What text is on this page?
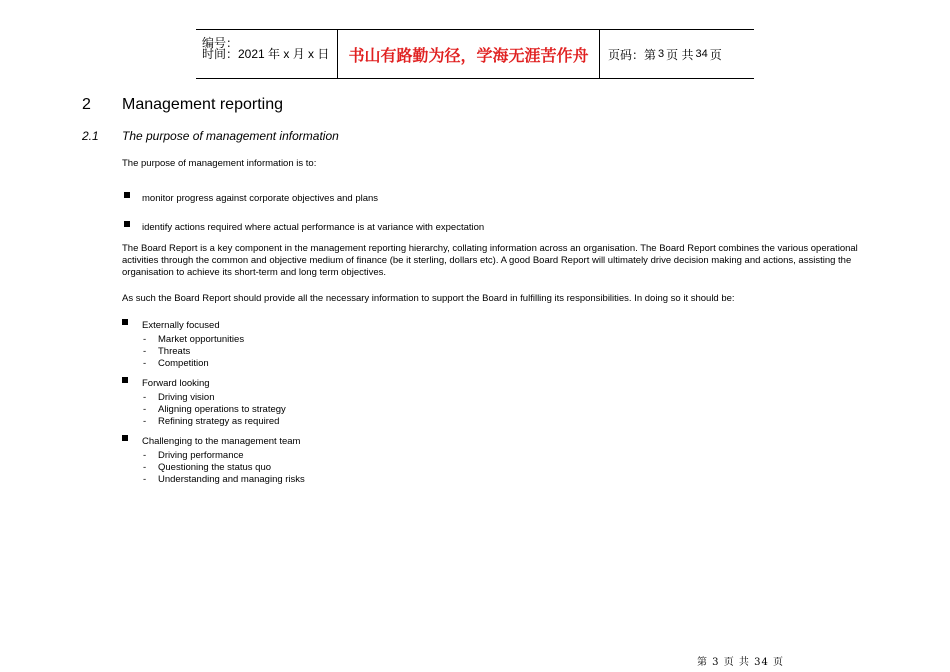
编号：
时间：2021 年 x 月 x 日	书山有路勤为径，学海无涯苦作舟	页码：第 3 页 共 34 页
2 Management reporting
2.1 The purpose of management information
The purpose of management information is to:
monitor progress against corporate objectives and plans
identify actions required where actual performance is at variance with expectation
The Board Report is a key component in the management reporting hierarchy, collating information across an organisation. The Board Report combines the various operational activities through the common and objective medium of finance (be it sterling, dollars etc). A good Board Report will ultimately drive decision making and actions, assisting the organisation to achieve its short-term and long term objectives.
As such the Board Report should provide all the necessary information to support the Board in fulfilling its responsibilities. In doing so it should be:
Externally focused
- Market opportunities
- Threats
- Competition
Forward looking
- Driving vision
- Aligning operations to strategy
- Refining strategy as required
Challenging to the management team
- Driving performance
- Questioning the status quo
- Understanding and managing risks
第 3 页 共 34 页
